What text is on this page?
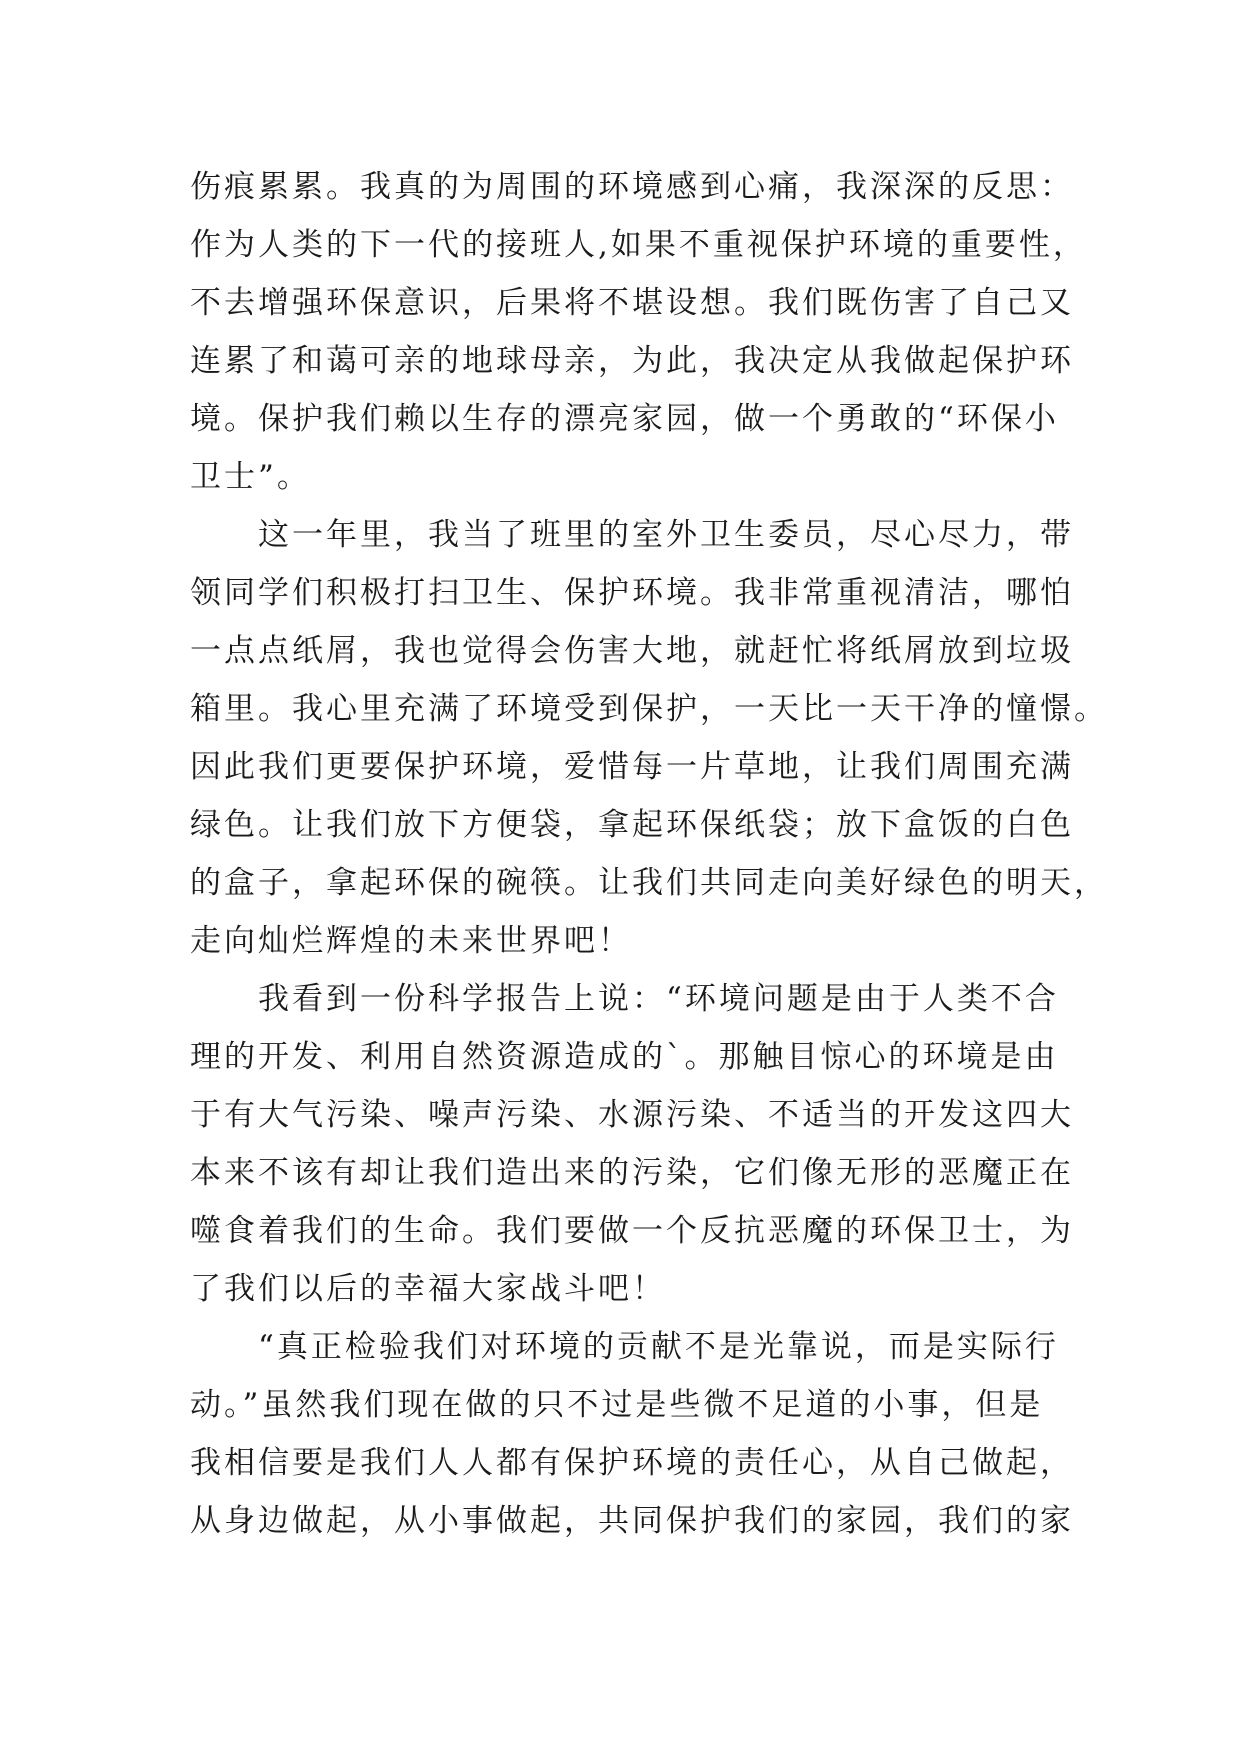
伤痕累累。我真的为周围的环境感到心痛，我深深的反思：
作为人类的下一代的接班人,如果不重视保护环境的重要性，
不去增强环保意识，后果将不堪设想。我们既伤害了自己又
连累了和蔼可亲的地球母亲，为此，我决定从我做起保护环
境。保护我们赖以生存的漂亮家园，做一个勇敢的“环保小
卫士”。
　　这一年里，我当了班里的室外卫生委员，尽心尽力，带
领同学们积极打扫卫生、保护环境。我非常重视清洁，哪怕
一点点纸屑，我也觉得会伤害大地，就赶忙将纸屑放到垃圾
箱里。我心里充满了环境受到保护，一天比一天干净的憧憬。
因此我们更要保护环境，爱惜每一片草地，让我们周围充满
绿色。让我们放下方便袋，拿起环保纸袋；放下盒饭的白色
的盒子，拿起环保的碗筷。让我们共同走向美好绿色的明天，
走向灿烂辉煌的未来世界吧！
　　我看到一份科学报告上说：“环境问题是由于人类不合
理的开发、利用自然资源造成的`。那触目惊心的环境是由
于有大气污染、噪声污染、水源污染、不适当的开发这四大
本来不该有却让我们造出来的污染，它们像无形的恶魔正在
噬食着我们的生命。我们要做一个反抗恶魔的环保卫士，为
了我们以后的幸福大家战斗吧！
　　“真正检验我们对环境的贡献不是光靠说，而是实际行
动。”虽然我们现在做的只不过是些微不足道的小事，但是
我相信要是我们人人都有保护环境的责任心，从自己做起，
从身边做起，从小事做起，共同保护我们的家园，我们的家
